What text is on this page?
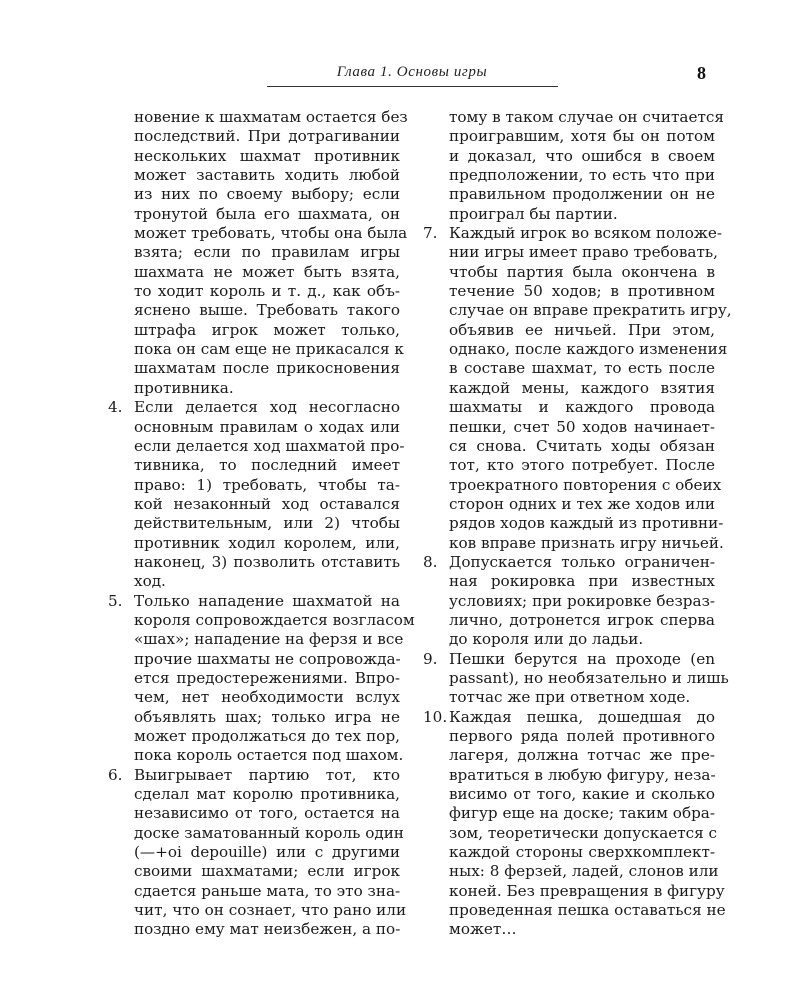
Глава 1. Основы игры	8
новение к шахматам остается без
последствий. При дотрагивании
нескольких шахмат противник
может заставить ходить любой
из них по своему выбору; если
тронутой была его шахмата, он
может требовать, чтобы она была
взята; если по правилам игры
шахмата не может быть взята,
то ходит король и т. д., как объ-
яснено выше. Требовать такого
штрафа игрок может только,
пока он сам еще не прикасался к
шахматам после прикосновения
противника.
4. Если делается ход несогласно
основным правилам о ходах или
если делается ход шахматой про-
тивника, то последний имеет
право: 1) требовать, чтобы та-
кой незаконный ход оставался
действительным, или 2) чтобы
противник ходил королем, или,
наконец, 3) позволить отставить
ход.
5. Только нападение шахматой на
короля сопровождается возгласом
«шах»; нападение на ферзя и все
прочие шахматы не сопровожда-
ется предостережениями. Впро-
чем, нет необходимости вслух
объявлять шах; только игра не
может продолжаться до тех пор,
пока король остается под шахом.
6. Выигрывает партию тот, кто
сделал мат королю противника,
независимо от того, остается на
доске заматованный король один
(—+oi depouille) или с другими
своими шахматами; если игрок
сдается раньше мата, то это зна-
чит, что он сознает, что рано или
поздно ему мат неизбежен, а по-
тому в таком случае он считается
проигравшим, хотя бы он потом
и доказал, что ошибся в своем
предположении, то есть что при
правильном продолжении он не
проиграл бы партии.
7. Каждый игрок во всяком положе-
нии игры имеет право требовать,
чтобы партия была окончена в
течение 50 ходов; в противном
случае он вправе прекратить игру,
объявив ее ничьей. При этом,
однако, после каждого изменения
в составе шахмат, то есть после
каждой мены, каждого взятия
шахматы и каждого провода
пешки, счет 50 ходов начинает-
ся снова. Считать ходы обязан
тот, кто этого потребует. После
троекратного повторения с обеих
сторон одних и тех же ходов или
рядов ходов каждый из противни-
ков вправе признать игру ничьей.
8. Допускается только ограничен-
ная рокировка при известных
условиях; при рокировке безраз-
лично, дотронется игрок сперва
до короля или до ладьи.
9. Пешки берутся на проходе (en
passant), но необязательно и лишь
тотчас же при ответном ходе.
10. Каждая пешка, дошедшая до
первого ряда полей противного
лагеря, должна тотчас же пре-
вратиться в любую фигуру, неза-
висимо от того, какие и сколько
фигур еще на доске; таким обра-
зом, теоретически допускается с
каждой стороны сверхкомплект-
ных: 8 ферзей, ладей, слонов или
коней. Без превращения в фигуру
проведенная пешка оставаться не
может…
